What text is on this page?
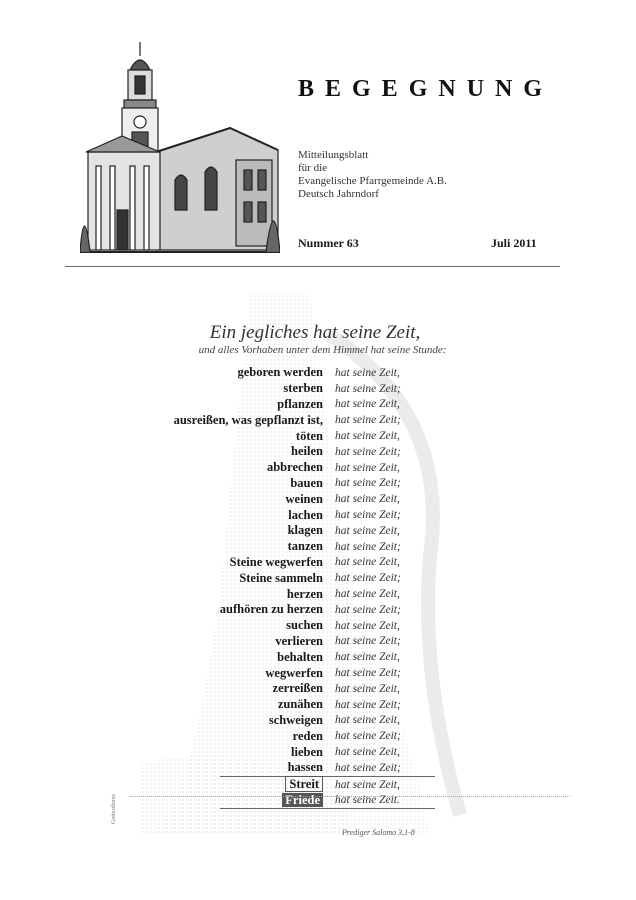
BEGEGNUNG
Mitteilungsblatt
für die
Evangelische Pfarrgemeinde A.B.
Deutsch Jahrndorf
Nummer 63	Juli 2011
Ein jegliches hat seine Zeit,
und alles Vorhaben unter dem Himmel hat seine Stunde:
geboren werden	hat seine Zeit,
sterben	hat seine Zeit;
pflanzen	hat seine Zeit,
ausreißen, was gepflanzt ist,	hat seine Zeit;
töten	hat seine Zeit,
heilen	hat seine Zeit;
abbrechen	hat seine Zeit,
bauen	hat seine Zeit;
weinen	hat seine Zeit,
lachen	hat seine Zeit;
klagen	hat seine Zeit,
tanzen	hat seine Zeit;
Steine wegwerfen	hat seine Zeit,
Steine sammeln	hat seine Zeit;
herzen	hat seine Zeit,
aufhören zu herzen	hat seine Zeit;
suchen	hat seine Zeit,
verlieren	hat seine Zeit;
behalten	hat seine Zeit,
wegwerfen	hat seine Zeit;
zerreißen	hat seine Zeit,
zunähen	hat seine Zeit;
schweigen	hat seine Zeit,
reden	hat seine Zeit;
lieben	hat seine Zeit,
hassen	hat seine Zeit;
Streit	hat seine Zeit,
Friede	hat seine Zeit.
Prediger Salomo 3,1-8
Gottesdienst
